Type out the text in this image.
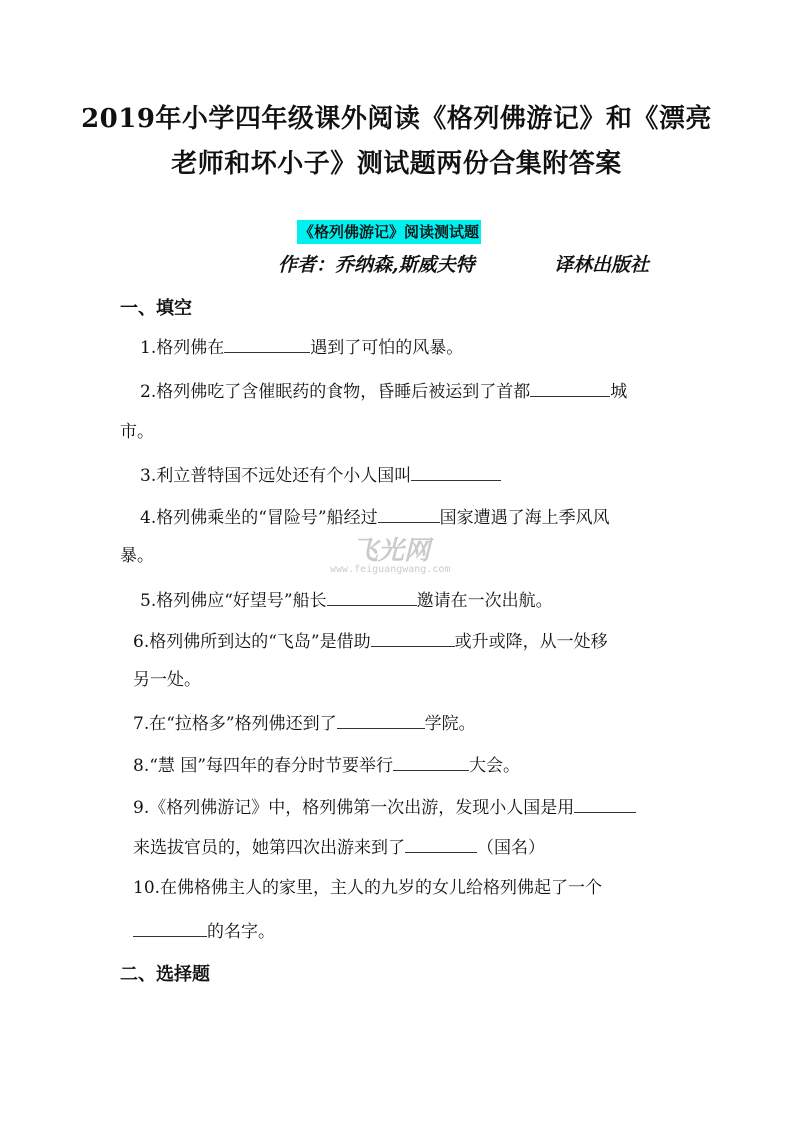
2019年小学四年级课外阅读《格列佛游记》和《漂亮
老师和坏小子》测试题两份合集附答案
《格列佛游记》阅读测试题
作者：乔纳森,斯威夫特	译林出版社
一、填空
1.格列佛在	遇到了可怕的风暴。
2.格列佛吃了含催眠药的食物，昏睡后被运到了首都	城
市。
3.利立普特国不远处还有个小人国叫
4.格列佛乘坐的“冒险号”船经过	国家遭遇了海上季风风
暴。
5.格列佛应“好望号”船长	邀请在一次出航。
6.格列佛所到达的“飞岛”是借助	或升或降，从一处移
另一处。
7.在“拉格多”格列佛还到了	学院。
8.“慧 国”每四年的春分时节要举行	大会。
9.《格列佛游记》中，格列佛第一次出游，发现小人国是用
来选拔官员的，她第四次出游来到了	（国名）
10.在佛格佛主人的家里，主人的九岁的女儿给格列佛起了一个
的名字。
二、选择题
飞光网
www.feiguangwang.com
